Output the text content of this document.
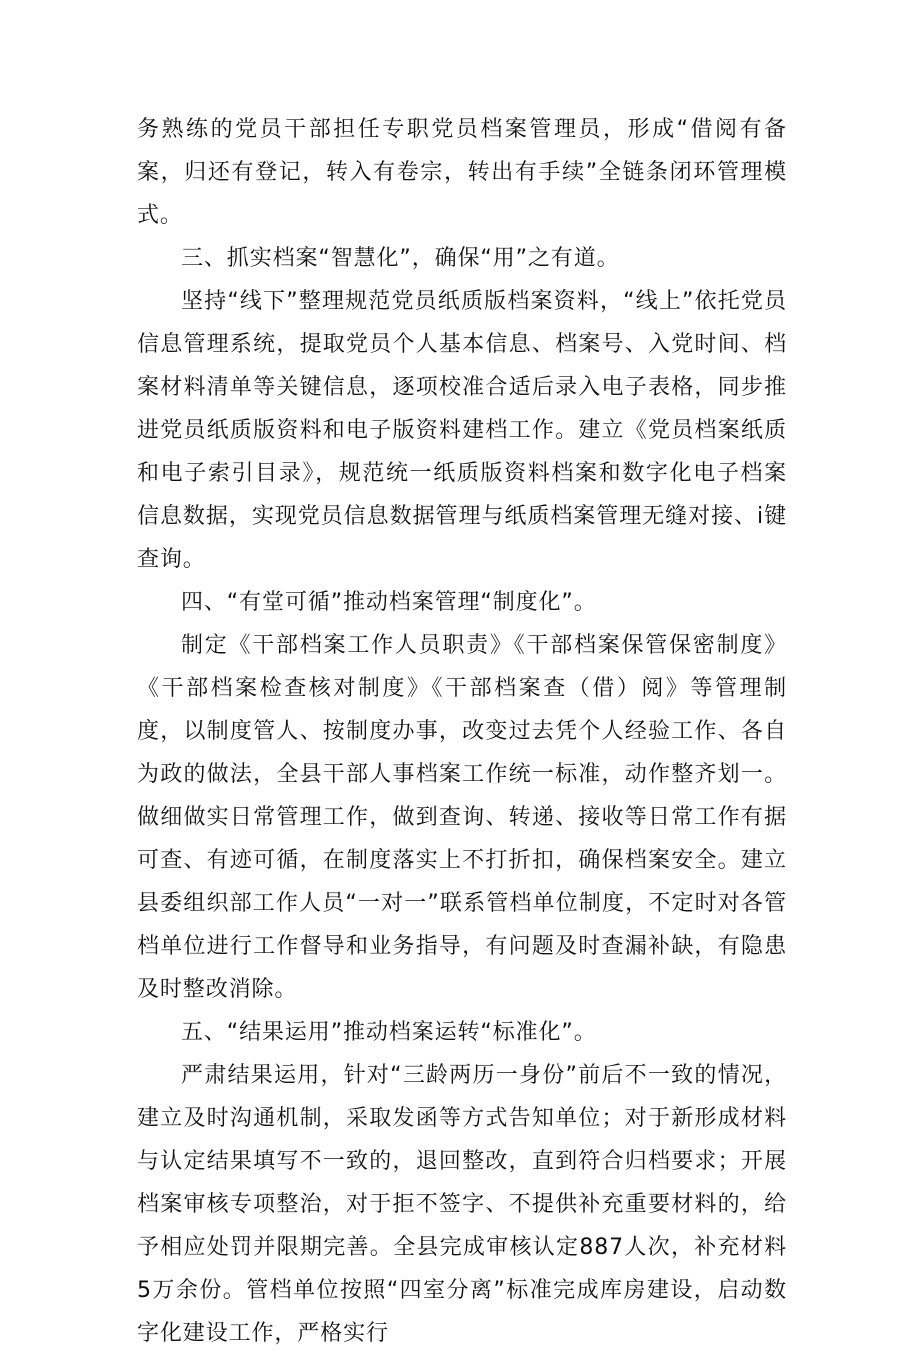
务熟练的党员干部担任专职党员档案管理员，形成“借阅有备案，归还有登记，转入有卷宗，转出有手续”全链条闭环管理模式。

三、抓实档案“智慧化”，确保“用”之有道。

坚持“线下”整理规范党员纸质版档案资料，“线上”依托党员信息管理系统，提取党员个人基本信息、档案号、入党时间、档案材料清单等关键信息，逐项校准合适后录入电子表格，同步推进党员纸质版资料和电子版资料建档工作。建立《党员档案纸质和电子索引目录》，规范统一纸质版资料档案和数字化电子档案信息数据，实现党员信息数据管理与纸质档案管理无缝对接、i键查询。

四、“有堂可循”推动档案管理“制度化”。

制定《干部档案工作人员职责》《干部档案保管保密制度》《干部档案检查核对制度》《干部档案查（借）阅》等管理制度，以制度管人、按制度办事，改变过去凭个人经验工作、各自为政的做法，全县干部人事档案工作统一标准，动作整齐划一。做细做实日常管理工作，做到查询、转递、接收等日常工作有据可查、有迹可循，在制度落实上不打折扣，确保档案安全。建立县委组织部工作人员“一对一”联系管档单位制度，不定时对各管档单位进行工作督导和业务指导，有问题及时查漏补缺，有隐患及时整改消除。

五、“结果运用”推动档案运转“标准化”。

严肃结果运用，针对“三龄两历一身份”前后不一致的情况，建立及时沟通机制，采取发函等方式告知单位；对于新形成材料与认定结果填写不一致的，退回整改，直到符合归档要求；开展档案审核专项整治，对于拒不签字、不提供补充重要材料的，给予相应处罚并限期完善。全县完成审核认定887人次，补充材料5万余份。管档单位按照“四室分离”标准完成库房建设，启动数字化建设工作，严格实行
